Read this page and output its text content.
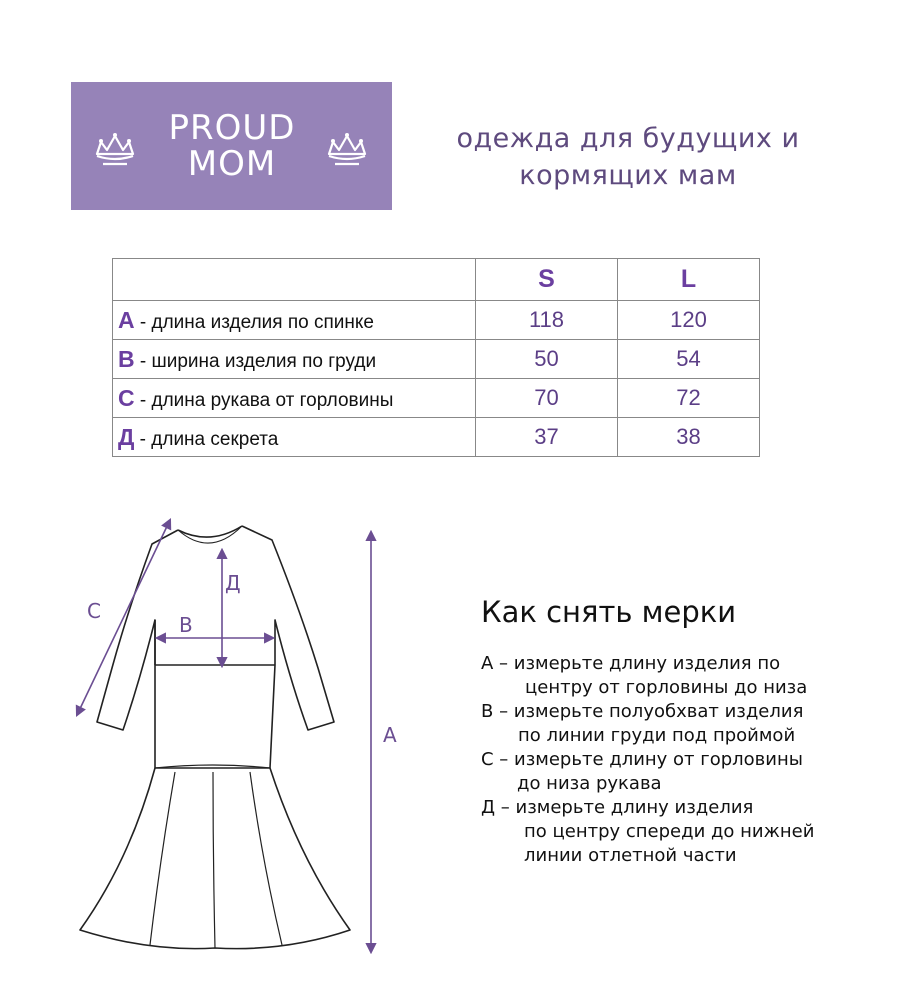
PROUD
MOM
одежда для будущих и
кормящих мам
	S	L
А - длина изделия по спинке	118	120
В - ширина изделия по груди	50	54
С - длина рукава от горловины	70	72
Д - длина секрета	37	38
С
В
Д
А
Как снять мерки
А – измерьте длину изделия по
центру от горловины до низа
В – измерьте полуобхват изделия
по линии груди под проймой
С – измерьте длину от горловины
до низа рукава
Д – измерьте длину изделия
по центру спереди до нижней
линии отлетной части
